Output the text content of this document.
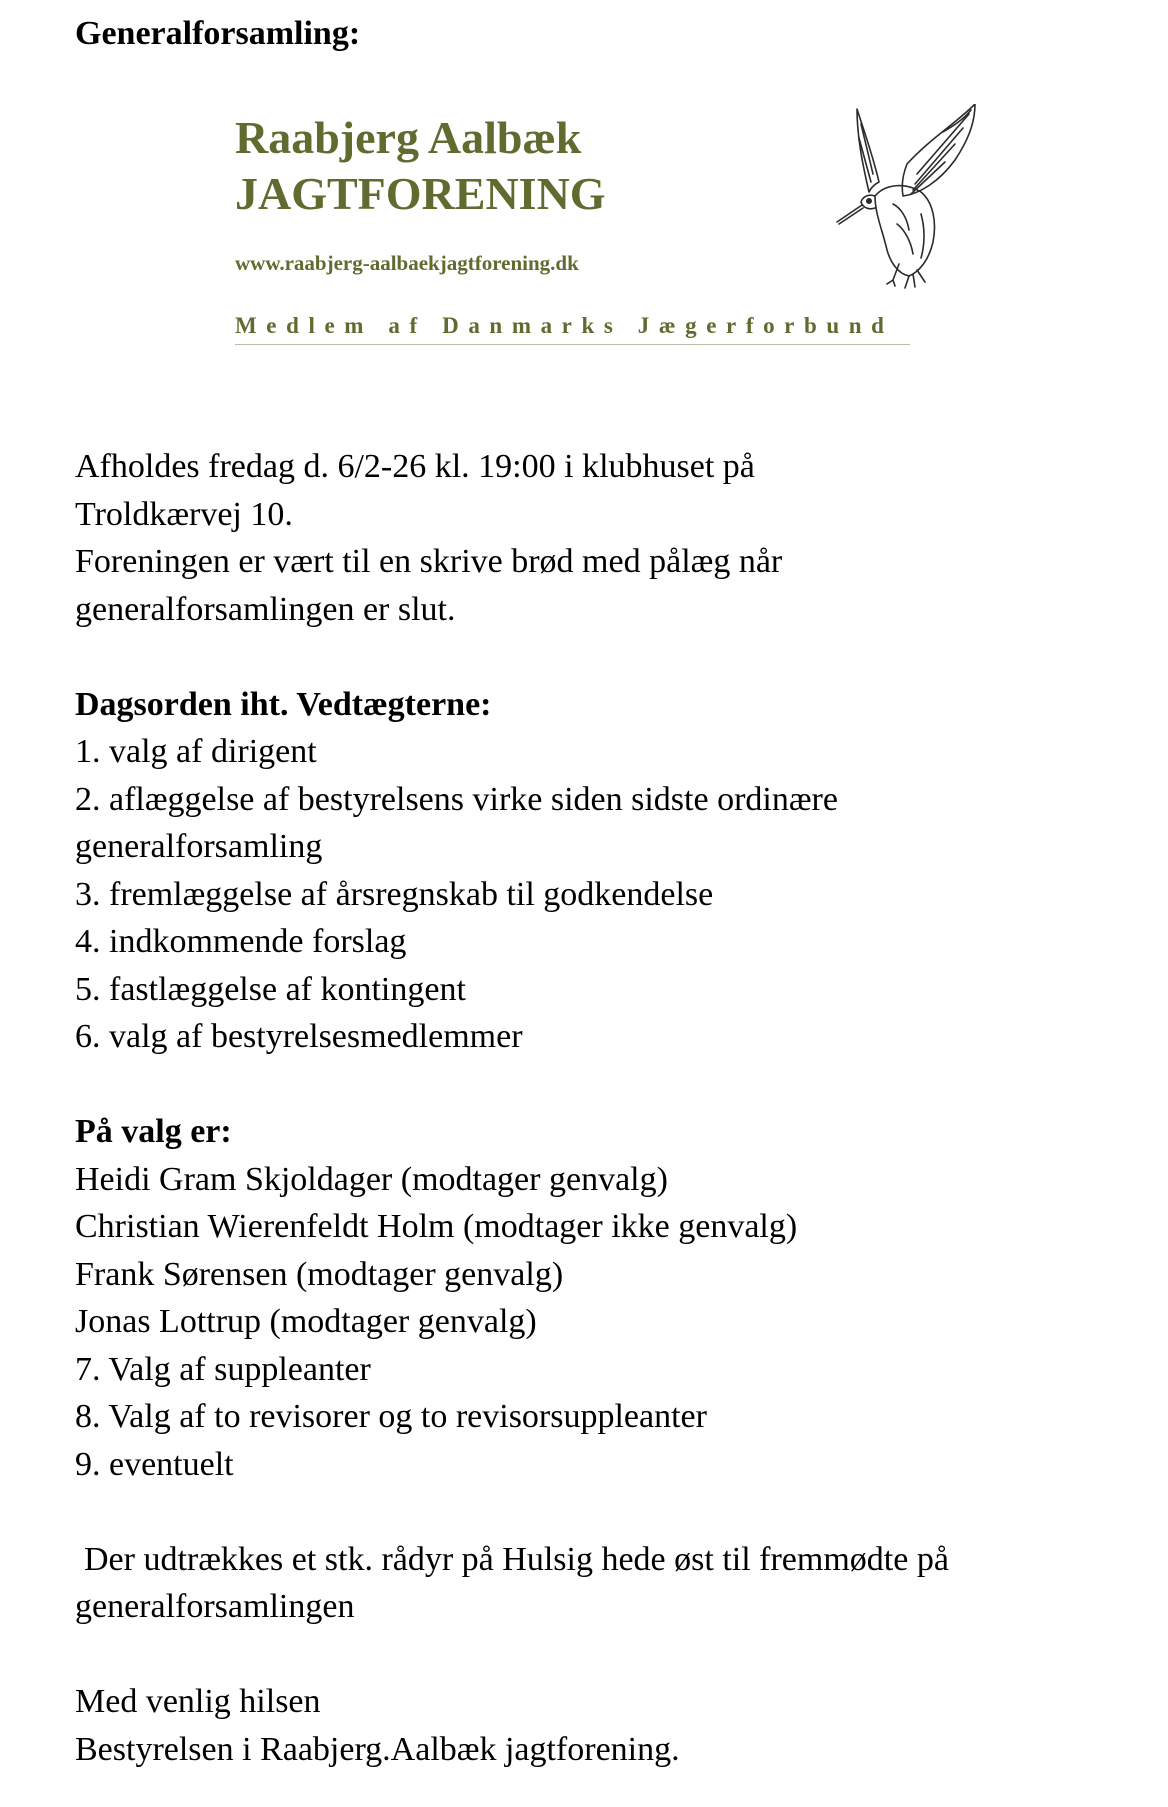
Generalforsamling:

Raabjerg Aalbæk
JAGTFORENING
www.raabjerg-aalbaekjagtforening.dk
Medlem af Danmarks Jægerforbund

Afholdes fredag d. 6/2-26 kl. 19:00 i klubhuset på

Troldkærvej 10.

Foreningen er vært til en skrive brød med pålæg når

generalforsamlingen er slut.

Dagsorden iht. Vedtægterne:

1. valg af dirigent

2. aflæggelse af bestyrelsens virke siden sidste ordinære

generalforsamling

3. fremlæggelse af årsregnskab til godkendelse

4. indkommende forslag

5. fastlæggelse af kontingent

6. valg af bestyrelsesmedlemmer

På valg er:

Heidi Gram Skjoldager (modtager genvalg)

Christian Wierenfeldt Holm (modtager ikke genvalg)

Frank Sørensen (modtager genvalg)

Jonas Lottrup (modtager genvalg)

7. Valg af suppleanter

8. Valg af to revisorer og to revisorsuppleanter

9. eventuelt

Der udtrækkes et stk. rådyr på Hulsig hede øst til fremmødte på

generalforsamlingen

Med venlig hilsen

Bestyrelsen i Raabjerg.Aalbæk jagtforening.
